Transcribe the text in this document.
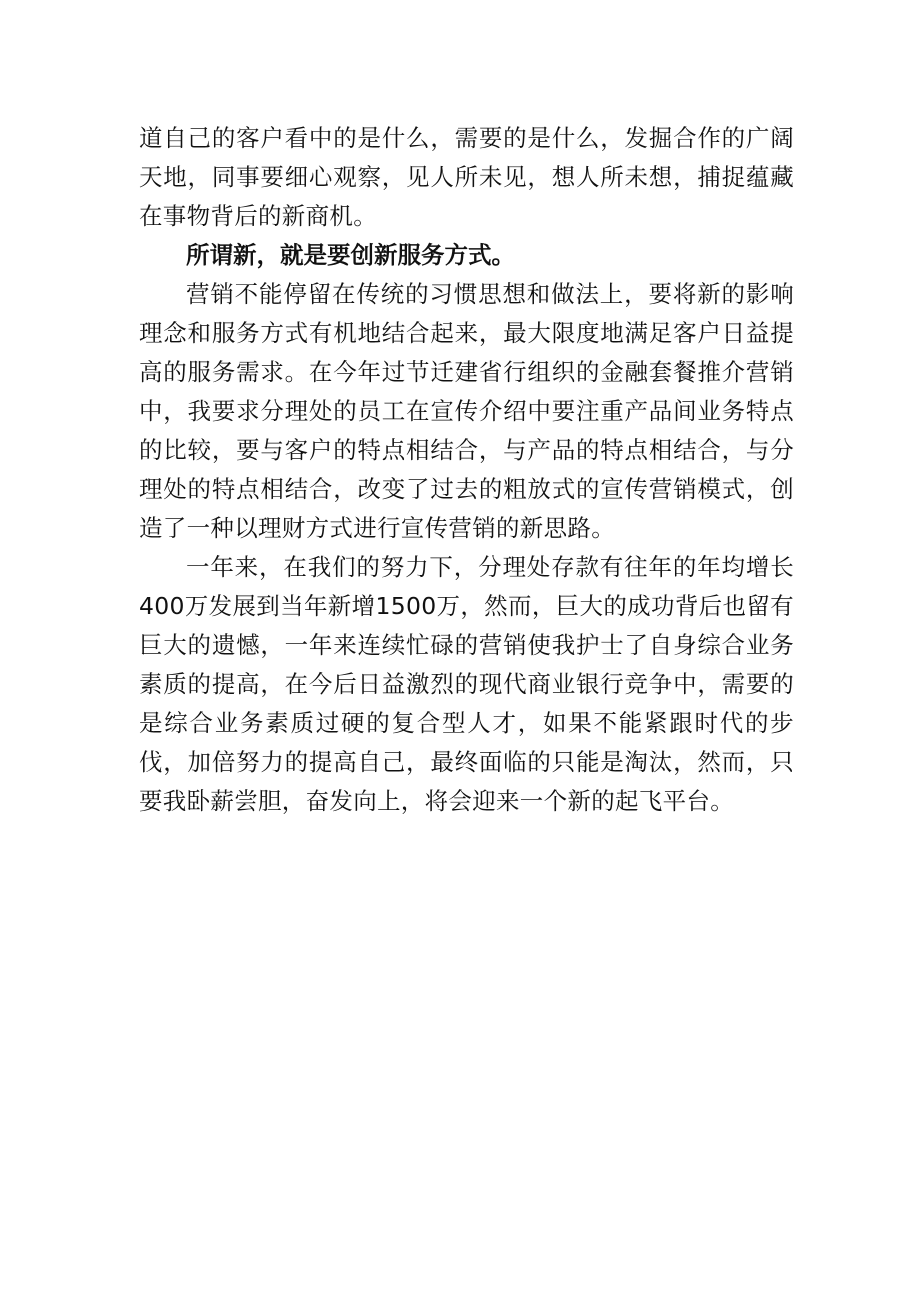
道自己的客户看中的是什么，需要的是什么，发掘合作的广阔天地，同事要细心观察，见人所未见，想人所未想，捕捉蕴藏在事物背后的新商机。

所谓新，就是要创新服务方式。

营销不能停留在传统的习惯思想和做法上，要将新的影响理念和服务方式有机地结合起来，最大限度地满足客户日益提高的服务需求。在今年过节迁建省行组织的金融套餐推介营销中，我要求分理处的员工在宣传介绍中要注重产品间业务特点的比较，要与客户的特点相结合，与产品的特点相结合，与分理处的特点相结合，改变了过去的粗放式的宣传营销模式，创造了一种以理财方式进行宣传营销的新思路。

一年来，在我们的努力下，分理处存款有往年的年均增长400万发展到当年新增1500万，然而，巨大的成功背后也留有巨大的遗憾，一年来连续忙碌的营销使我护士了自身综合业务素质的提高，在今后日益激烈的现代商业银行竞争中，需要的是综合业务素质过硬的复合型人才，如果不能紧跟时代的步伐，加倍努力的提高自己，最终面临的只能是淘汰，然而，只要我卧薪尝胆，奋发向上，将会迎来一个新的起飞平台。
